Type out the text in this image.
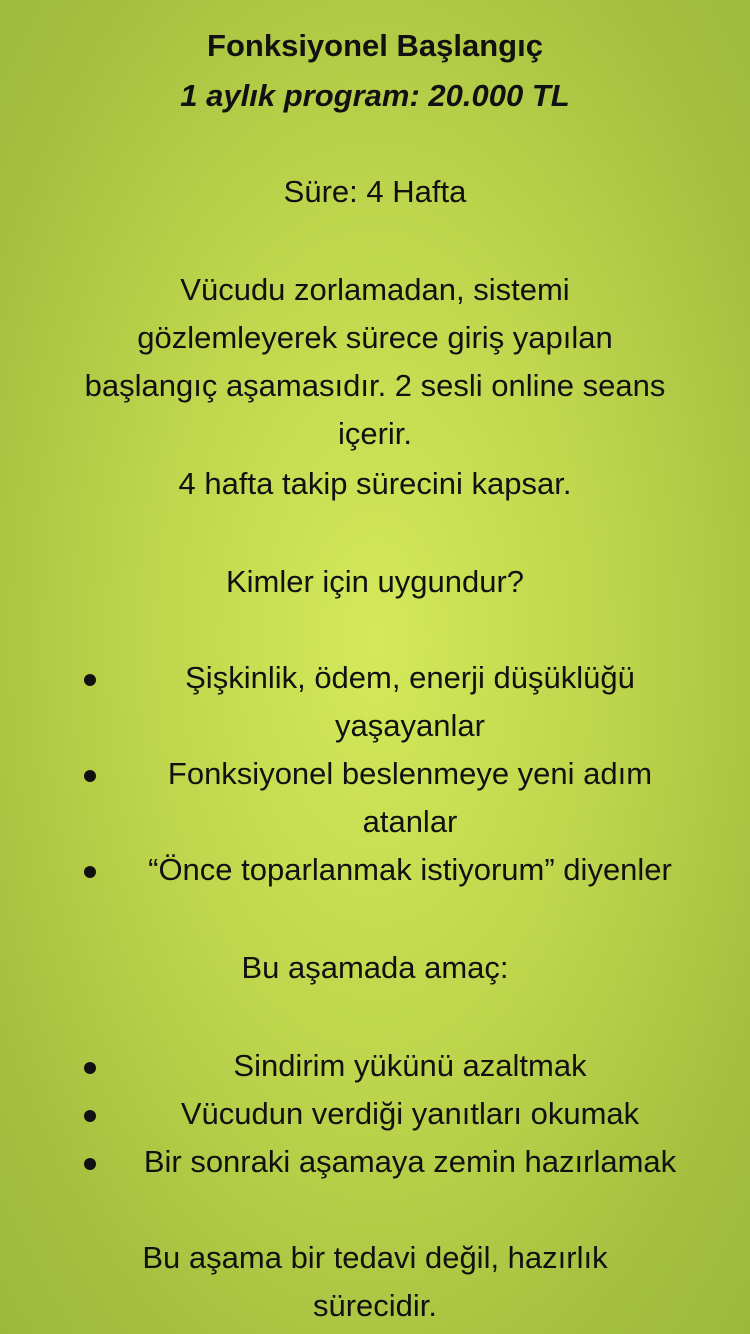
Fonksiyonel Başlangıç
1 aylık program: 20.000 TL

Süre: 4 Hafta

Vücudu zorlamadan, sistemi

gözlemleyerek sürece giriş yapılan

başlangıç aşamasıdır. 2 sesli online seans

içerir.

4 hafta takip sürecini kapsar.

Kimler için uygundur?

Şişkinlik, ödem, enerji düşüklüğü yaşayanlar
Fonksiyonel beslenmeye yeni adım atanlar
“Önce toparlanmak istiyorum” diyenler

Bu aşamada amaç:

Sindirim yükünü azaltmak
Vücudun verdiği yanıtları okumak
Bir sonraki aşamaya zemin hazırlamak

Bu aşama bir tedavi değil, hazırlık

sürecidir.
